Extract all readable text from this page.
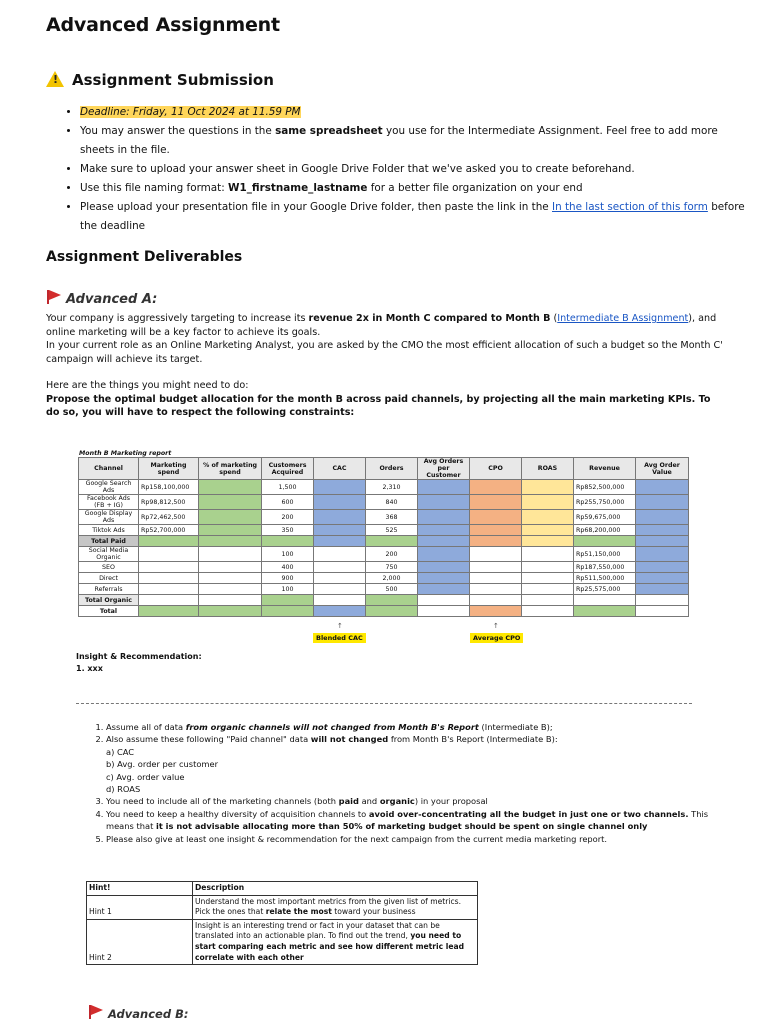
Advanced Assignment
!Assignment Submission
• Deadline: Friday, 11 Oct 2024 at 11.59 PM
• You may answer the questions in the same spreadsheet you use for the Intermediate Assignment. Feel free to add more sheets in the file.
• Make sure to upload your answer sheet in Google Drive Folder that we've asked you to create beforehand.
• Use this file naming format: W1_firstname_lastname for a better file organization on your end
• Please upload your presentation file in your Google Drive folder, then paste the link in the In the last section of this form before the deadline
Assignment Deliverables
Advanced A:

Your company is aggressively targeting to increase its revenue 2x in Month C compared to Month B (Intermediate B Assignment), and online marketing will be a key factor to achieve its goals.
In your current role as an Online Marketing Analyst, you are asked by the CMO the most efficient allocation of such a budget so the Month C' campaign will achieve its target.

Here are the things you might need to do:
Propose the optimal budget allocation for the month B across paid channels, by projecting all the main marketing KPIs. To do so, you will have to respect the following constraints:

Month B Marketing report
Channel	Marketing spend	% of marketing spend	Customers Acquired	CAC	Orders	Avg Orders per Customer	CPO	ROAS	Revenue	Avg Order Value
Google Search Ads	Rp158,100,000		1,500		2,310				Rp852,500,000	
Facebook Ads (FB + IG)	Rp98,812,500		600		840				Rp255,750,000	
Google Display Ads	Rp72,462,500		200		368				Rp59,675,000	
Tiktok Ads	Rp52,700,000		350		525				Rp68,200,000	
Total Paid										
Social Media Organic			100		200				Rp51,150,000	
SEO			400		750				Rp187,550,000	
Direct			900		2,000				Rp511,500,000	
Referrals			100		500				Rp25,575,000	
Total Organic										
Total										
↑
Blended CAC
↑
Average CPO
Insight & Recommendation:
1. xxx
1. Assume all of data from organic channels will not changed from Month B's Report (Intermediate B);
2. Also assume these following "Paid channel" data will not changed from Month B's Report (Intermediate B):
a) CAC
b) Avg. order per customer
c) Avg. order value
d) ROAS
3. You need to include all of the marketing channels (both paid and organic) in your proposal
4. You need to keep a healthy diversity of acquisition channels to avoid over-concentrating all the budget in just one or two channels. This means that it is not advisable allocating more than 50% of marketing budget should be spent on single channel only
5. Please also give at least one insight & recommendation for the next campaign from the current media marketing report.
Hint!	Description
Hint 1	Understand the most important metrics from the given list of metrics. Pick the ones that relate the most toward your business
Hint 2	Insight is an interesting trend or fact in your dataset that can be translated into an actionable plan. To find out the trend, you need to start comparing each metric and see how different metric lead correlate with each other
Advanced B:
